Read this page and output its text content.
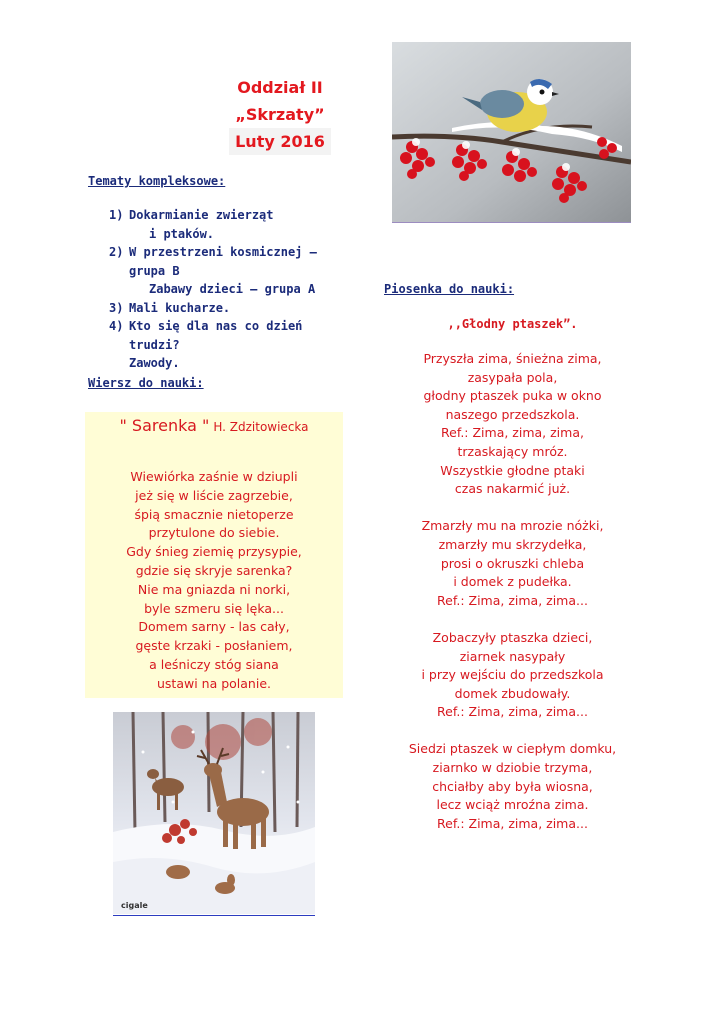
Oddział II
„Skrzaty”
Luty 2016
Tematy kompleksowe:
1) Dokarmianie zwierząt
i ptaków.
2) W przestrzeni kosmicznej –
grupa B
Zabawy dzieci – grupa A
3) Mali kucharze.
4) Kto się dla nas co dzień trudzi?
Zawody.
Wiersz do nauki:
" Sarenka " H. Zdzitowiecka
Wiewiórka zaśnie w dziupli
jeż się w liście zagrzebie,
śpią smacznie nietoperze
przytulone do siebie.
Gdy śnieg ziemię przysypie,
gdzie się skryje sarenka?
Nie ma gniazda ni norki,
byle szmeru się lęka...
Domem sarny - las cały,
gęste krzaki - posłaniem,
a leśniczy stóg siana
ustawi na polanie.
Piosenka do nauki:
,,Głodny ptaszek”.
Przyszła zima, śnieżna zima,
zasypała pola,
głodny ptaszek puka w okno
naszego przedszkola.
Ref.: Zima, zima, zima,
trzaskający mróz.
Wszystkie głodne ptaki
czas nakarmić już.
Zmarzły mu na mrozie nóżki,
zmarzły mu skrzydełka,
prosi o okruszki chleba
i domek z pudełka.
Ref.: Zima, zima, zima...
Zobaczyły ptaszka dzieci,
ziarnek nasypały
i przy wejściu do przedszkola
domek zbudowały.
Ref.: Zima, zima, zima...
Siedzi ptaszek w ciepłym domku,
ziarnko w dziobie trzyma,
chciałby aby była wiosna,
lecz wciąż mroźna zima.
Ref.: Zima, zima, zima...
cigale
